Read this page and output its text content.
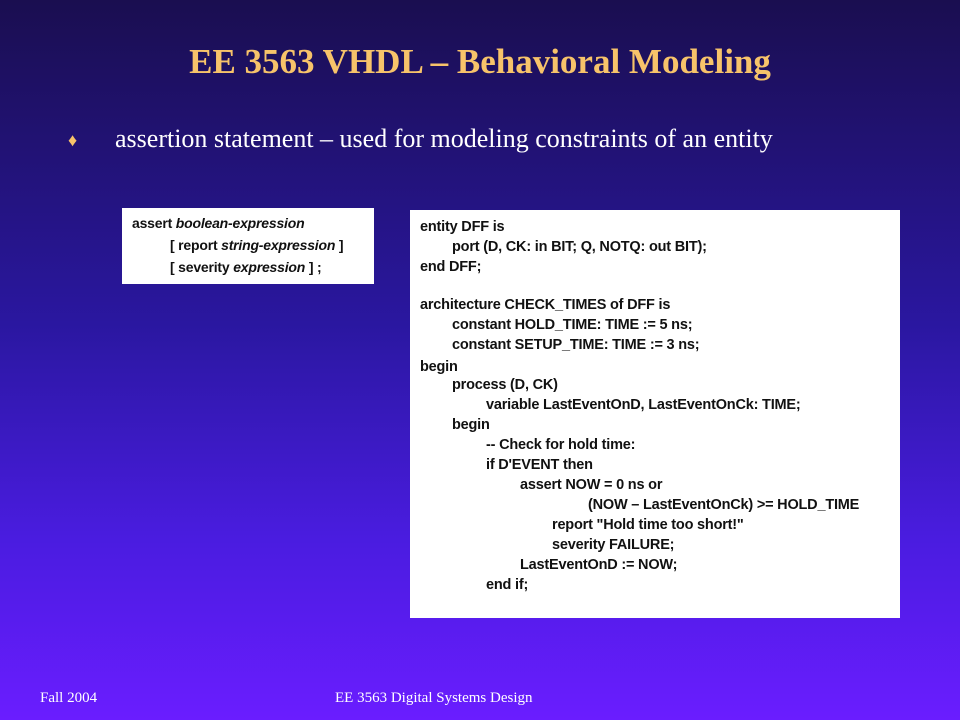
EE 3563 VHDL – Behavioral Modeling
♦ assertion statement – used for modeling constraints of an entity
assert boolean-expression
[ report string-expression ]
[ severity expression ] ;
entity DFF is
port (D, CK: in BIT; Q, NOTQ: out BIT);
end DFF;
architecture CHECK_TIMES of DFF is
constant HOLD_TIME: TIME := 5 ns;
constant SETUP_TIME: TIME := 3 ns;
begin
process (D, CK)
variable LastEventOnD, LastEventOnCk: TIME;
begin
-- Check for hold time:
if D'EVENT then
assert NOW = 0 ns or
(NOW – LastEventOnCk) >= HOLD_TIME
report "Hold time too short!"
severity FAILURE;
LastEventOnD := NOW;
end if;
Fall 2004	EE 3563 Digital Systems Design
